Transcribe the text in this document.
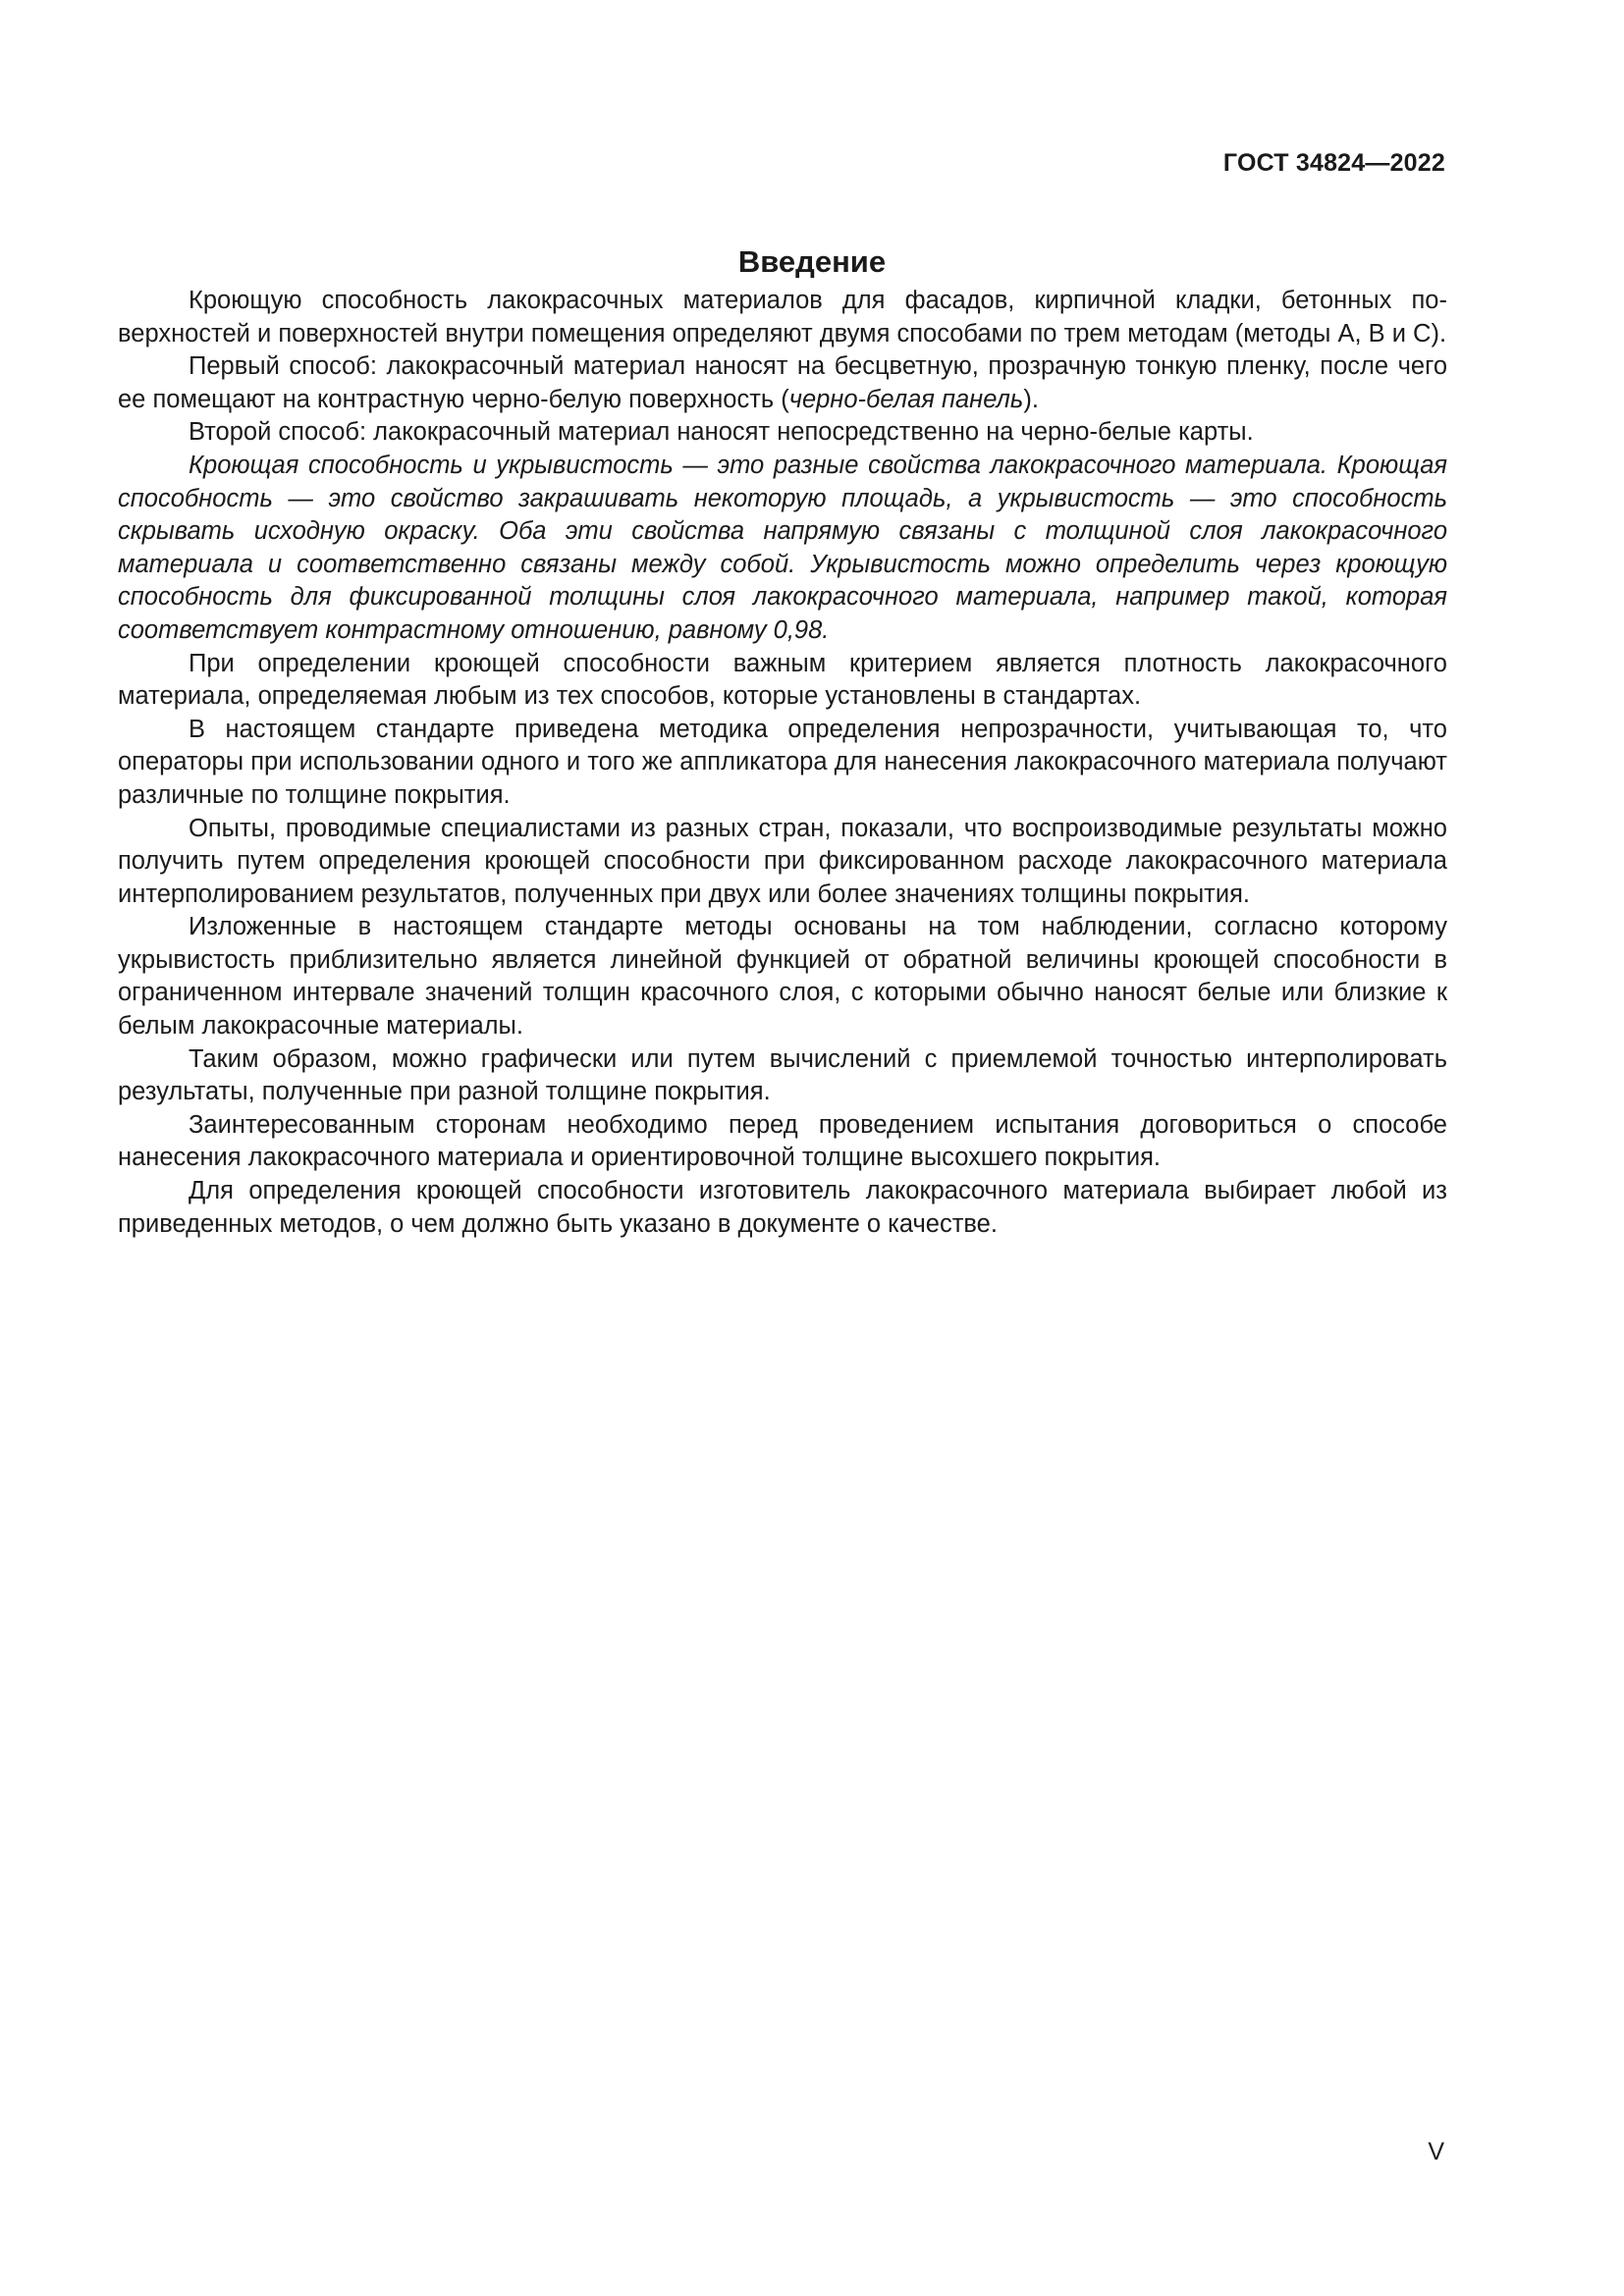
ГОСТ 34824—2022
Введение

Кроющую способность лакокрасочных материалов для фасадов, кирпичной кладки, бетонных поверхностей и поверхностей внутри помещения определяют двумя способами по трем методам (методы А, В и С).

Первый способ: лакокрасочный материал наносят на бесцветную, прозрачную тонкую пленку, после чего ее помещают на контрастную черно-белую поверхность (черно-белая панель).

Второй способ: лакокрасочный материал наносят непосредственно на черно-белые карты.

Кроющая способность и укрывистость — это разные свойства лакокрасочного материала. Кроющая способность — это свойство закрашивать некоторую площадь, а укрывистость — это способность скрывать исходную окраску. Оба эти свойства напрямую связаны с толщиной слоя лакокрасочного материала и соответственно связаны между собой. Укрывистость можно определить через кроющую способность для фиксированной толщины слоя лакокрасочного материала, например такой, которая соответствует контрастному отношению, равному 0,98.

При определении кроющей способности важным критерием является плотность лакокрасочного материала, определяемая любым из тех способов, которые установлены в стандартах.

В настоящем стандарте приведена методика определения непрозрачности, учитывающая то, что операторы при использовании одного и того же аппликатора для нанесения лакокрасочного материала получают различные по толщине покрытия.

Опыты, проводимые специалистами из разных стран, показали, что воспроизводимые результаты можно получить путем определения кроющей способности при фиксированном расходе лакокрасочного материала интерполированием результатов, полученных при двух или более значениях толщины покрытия.

Изложенные в настоящем стандарте методы основаны на том наблюдении, согласно которому укрывистость приблизительно является линейной функцией от обратной величины кроющей способности в ограниченном интервале значений толщин красочного слоя, с которыми обычно наносят белые или близкие к белым лакокрасочные материалы.

Таким образом, можно графически или путем вычислений с приемлемой точностью интерполировать результаты, полученные при разной толщине покрытия.

Заинтересованным сторонам необходимо перед проведением испытания договориться о способе нанесения лакокрасочного материала и ориентировочной толщине высохшего покрытия.

Для определения кроющей способности изготовитель лакокрасочного материала выбирает любой из приведенных методов, о чем должно быть указано в документе о качестве.

V
